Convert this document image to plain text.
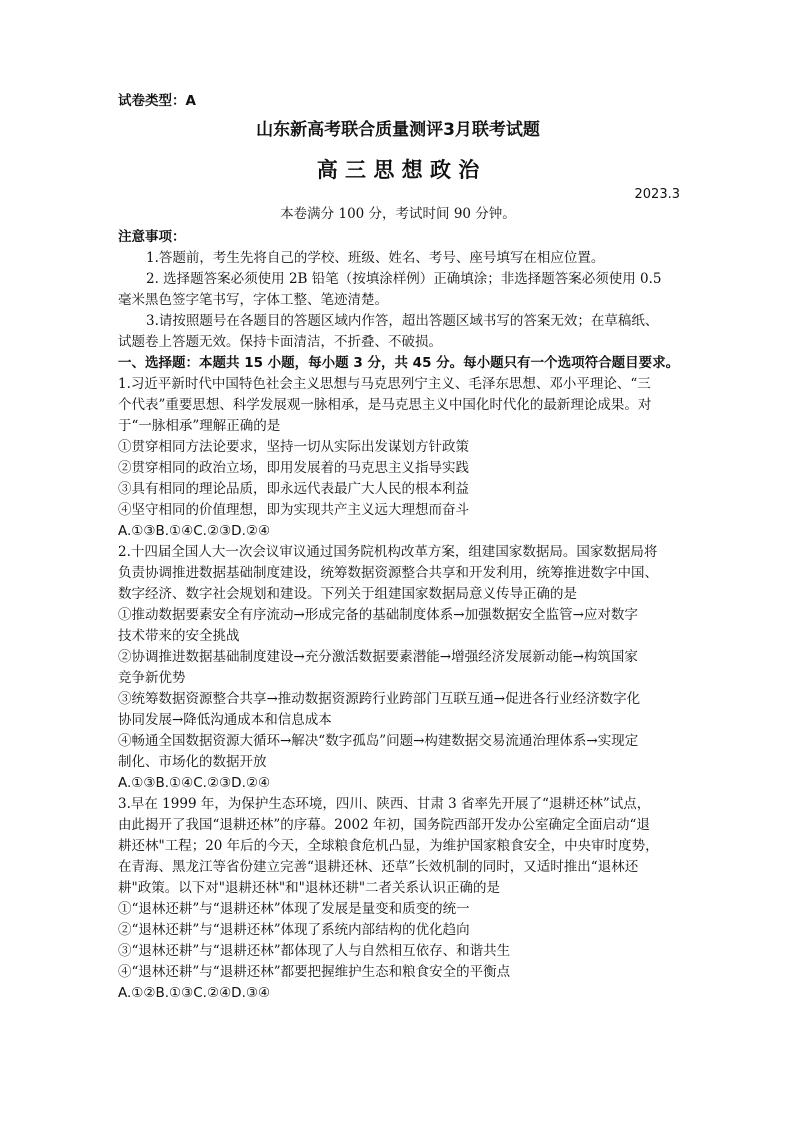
试卷类型：A
山东新高考联合质量测评3月联考试题
高 三 思 想 政 治
2023.3
本卷满分 100 分，考试时间 90 分钟。
注意事项：
1.答题前，考生先将自己的学校、班级、姓名、考号、座号填写在相应位置。
2. 选择题答案必须使用 2B 铅笔（按填涂样例）正确填涂；非选择题答案必须使用 0.5
毫米黑色签字笔书写，字体工整、笔迹清楚。
3.请按照题号在各题目的答题区域内作答，超出答题区域书写的答案无效；在草稿纸、
试题卷上答题无效。保持卡面清洁，不折叠、不破损。
一、选择题：本题共 15 小题，每小题 3 分，共 45 分。每小题只有一个选项符合题目要求。
1.习近平新时代中国特色社会主义思想与马克思列宁主义、毛泽东思想、邓小平理论、“三
个代表”重要思想、科学发展观一脉相承，是马克思主义中国化时代化的最新理论成果。对
于“一脉相承”理解正确的是
①贯穿相同方法论要求，坚持一切从实际出发谋划方针政策
②贯穿相同的政治立场，即用发展着的马克思主义指导实践
③具有相同的理论品质，即永远代表最广大人民的根本利益
④坚守相同的价值理想，即为实现共产主义远大理想而奋斗
A.①③B.①④C.②③D.②④
2.十四届全国人大一次会议审议通过国务院机构改革方案，组建国家数据局。国家数据局将
负责协调推进数据基础制度建设，统筹数据资源整合共享和开发利用，统筹推进数字中国、
数字经济、数字社会规划和建设。下列关于组建国家数据局意义传导正确的是
①推动数据要素安全有序流动→形成完备的基础制度体系→加强数据安全监管→应对数字
技术带来的安全挑战
②协调推进数据基础制度建设→充分激活数据要素潜能→增强经济发展新动能→构筑国家
竞争新优势
③统筹数据资源整合共享→推动数据资源跨行业跨部门互联互通→促进各行业经济数字化
协同发展→降低沟通成本和信息成本
④畅通全国数据资源大循环→解决“数字孤岛”问题→构建数据交易流通治理体系→实现定
制化、市场化的数据开放
A.①③B.①④C.②③D.②④
3.早在 1999 年，为保护生态环境，四川、陕西、甘肃 3 省率先开展了“退耕还林”试点，
由此揭开了我国“退耕还林”的序幕。2002 年初，国务院西部开发办公室确定全面启动“退
耕还林"工程；20 年后的今天，全球粮食危机凸显，为维护国家粮食安全，中央审时度势，
在青海、黑龙江等省份建立完善“退耕还林、还草”长效机制的同时，又适时推出“退林还
耕"政策。以下对"退耕还林"和"退林还耕"二者关系认识正确的是
①“退林还耕”与“退耕还林”体现了发展是量变和质变的统一
②“退林还耕”与“退耕还林”体现了系统内部结构的优化趋向
③“退林还耕”与“退耕还林”都体现了人与自然相互依存、和谐共生
④“退林还耕”与“退耕还林”都要把握维护生态和粮食安全的平衡点
A.①②B.①③C.②④D.③④
